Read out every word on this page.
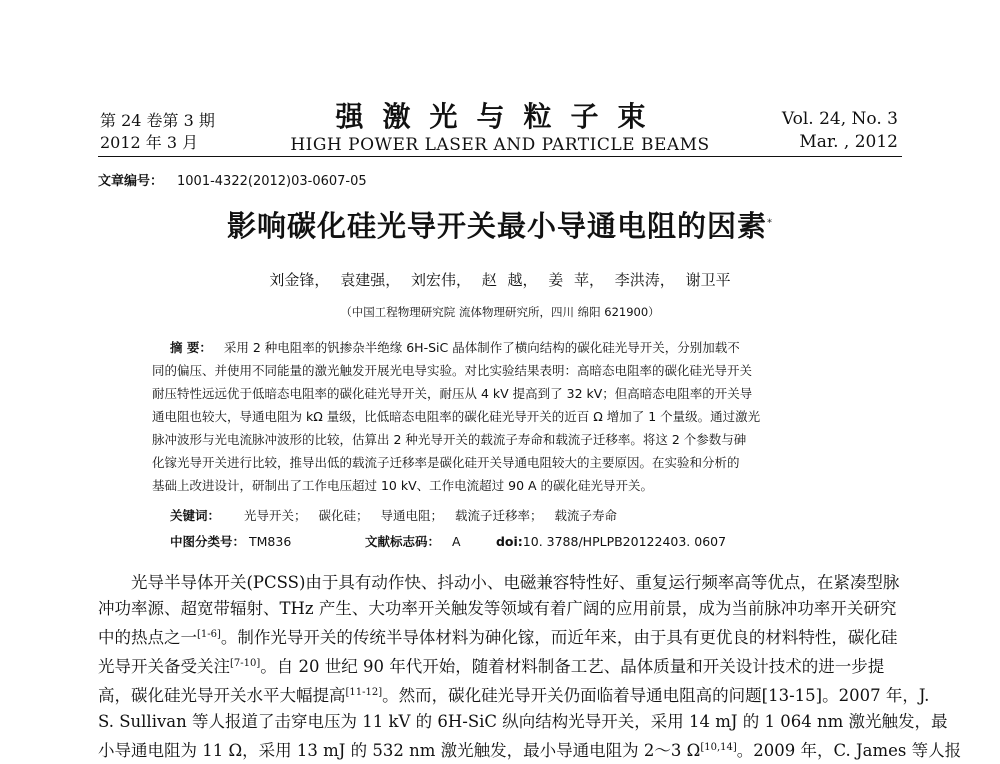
第 24 卷第 3 期
2012 年 3 月
强激光与粒子束
HIGH POWER LASER AND PARTICLE BEAMS
Vol. 24, No. 3
Mar. , 2012
文章编号： 1001-4322(2012)03-0607-05
影响碳化硅光导开关最小导通电阻的因素*
刘金锋， 袁建强， 刘宏伟， 赵 越， 姜 苹， 李洪涛， 谢卫平
（中国工程物理研究院 流体物理研究所，四川 绵阳 621900）
摘 要： 采用 2 种电阻率的钒掺杂半绝缘 6H-SiC 晶体制作了横向结构的碳化硅光导开关，分别加载不
同的偏压、并使用不同能量的激光触发开展光电导实验。对比实验结果表明：高暗态电阻率的碳化硅光导开关
耐压特性远远优于低暗态电阻率的碳化硅光导开关，耐压从 4 kV 提高到了 32 kV；但高暗态电阻率的开关导
通电阻也较大，导通电阻为 kΩ 量级，比低暗态电阻率的碳化硅光导开关的近百 Ω 增加了 1 个量级。通过激光
脉冲波形与光电流脉冲波形的比较，估算出 2 种光导开关的载流子寿命和载流子迁移率。将这 2 个参数与砷
化镓光导开关进行比较，推导出低的载流子迁移率是碳化硅开关导通电阻较大的主要原因。在实验和分析的
基础上改进设计，研制出了工作电压超过 10 kV、工作电流超过 90 A 的碳化硅光导开关。
关键词： 光导开关； 碳化硅； 导通电阻； 载流子迁移率； 载流子寿命
中图分类号： TM836	文献标志码： A	doi:10. 3788/HPLPB20122403. 0607
光导半导体开关(PCSS)由于具有动作快、抖动小、电磁兼容特性好、重复运行频率高等优点，在紧凑型脉
冲功率源、超宽带辐射、THz 产生、大功率开关触发等领域有着广阔的应用前景，成为当前脉冲功率开关研究
中的热点之一[1-6]。制作光导开关的传统半导体材料为砷化镓，而近年来，由于具有更优良的材料特性，碳化硅
光导开关备受关注[7-10]。自 20 世纪 90 年代开始，随着材料制备工艺、晶体质量和开关设计技术的进一步提
高，碳化硅光导开关水平大幅提高[11-12]。然而，碳化硅光导开关仍面临着导通电阻高的问题[13-15]。2007 年，J.
S. Sullivan 等人报道了击穿电压为 11 kV 的 6H-SiC 纵向结构光导开关，采用 14 mJ 的 1 064 nm 激光触发，最
小导通电阻为 11 Ω，采用 13 mJ 的 532 nm 激光触发，最小导通电阻为 2～3 Ω[10,14]。2009 年，C. James 等人报
